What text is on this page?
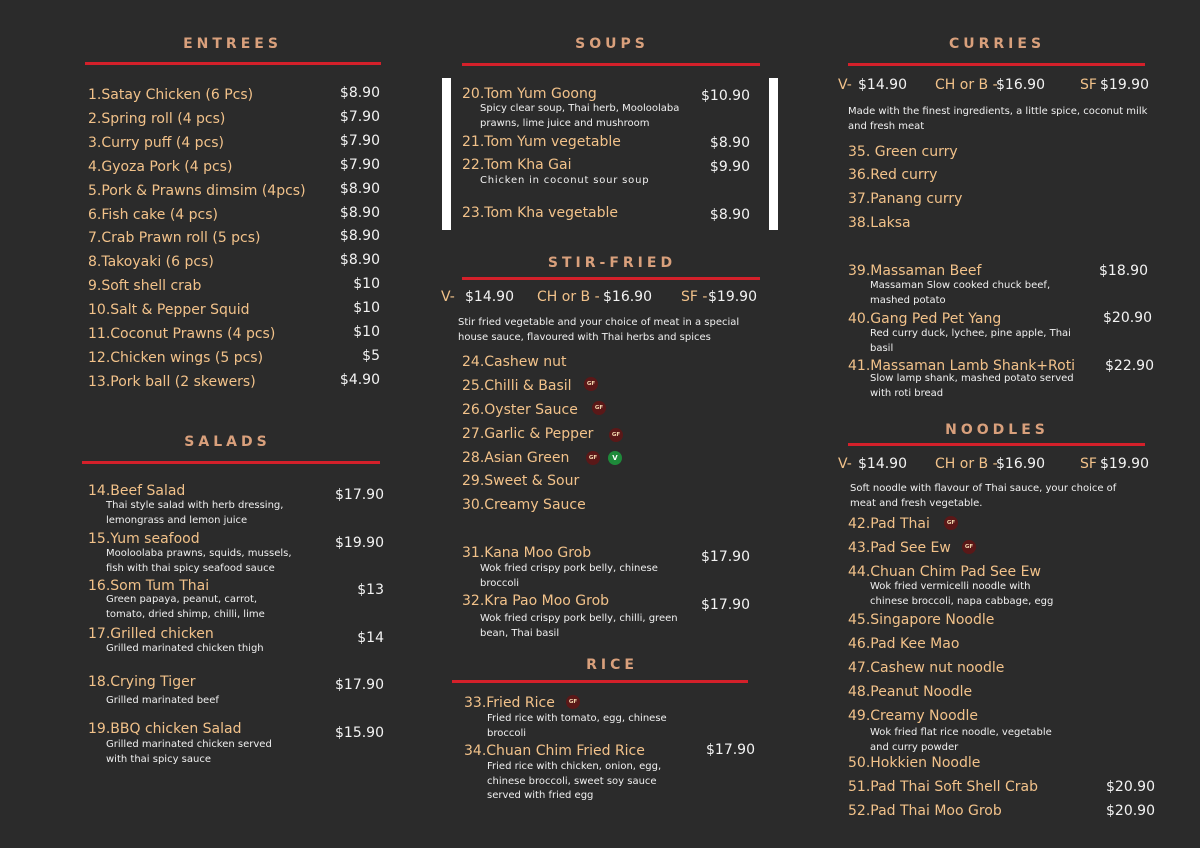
ENTREES
1.Satay Chicken (6 Pcs)	$8.90
2.Spring roll (4 pcs)	$7.90
3.Curry puff (4 pcs)	$7.90
4.Gyoza Pork (4 pcs)	$7.90
5.Pork & Prawns dimsim (4pcs)	$8.90
6.Fish cake (4 pcs)	$8.90
7.Crab Prawn roll (5 pcs)	$8.90
8.Takoyaki (6 pcs)	$8.90
9.Soft shell crab	$10
10.Salt & Pepper Squid	$10
11.Coconut Prawns (4 pcs)	$10
12.Chicken wings (5 pcs)	$5
13.Pork ball (2 skewers)	$4.90
SALADS
14.Beef Salad	$17.90
Thai style salad with herb dressing, lemongrass and lemon juice
15.Yum seafood	$19.90
Mooloolaba prawns, squids, mussels, fish with thai spicy seafood sauce
16.Som Tum Thai	$13
Green papaya, peanut, carrot, tomato, dried shimp, chilli, lime
17.Grilled chicken	$14
Grilled marinated chicken thigh
18.Crying Tiger	$17.90
Grilled marinated beef
19.BBQ chicken Salad	$15.90
Grilled marinated chicken served with thai spicy sauce
SOUPS
20.Tom Yum Goong	$10.90
Spicy clear soup, Thai herb, Mooloolaba prawns, lime juice and mushroom
21.Tom Yum vegetable	$8.90
22.Tom Kha Gai	$9.90
Chicken in coconut sour soup
23.Tom Kha vegetable	$8.90
STIR-FRIED
V- $14.90 CH or B - $16.90 SF - $19.90
Stir fried vegetable and your choice of meat in a special house sauce, flavoured with Thai herbs and spices
24.Cashew nut
25.Chilli & Basil	GF
26.Oyster Sauce	GF
27.Garlic & Pepper	GF
28.Asian Green	GF	V
29.Sweet & Sour
30.Creamy Sauce
31.Kana Moo Grob	$17.90
Wok fried crispy pork belly, chinese broccoli
32.Kra Pao Moo Grob	$17.90
Wok fried crispy pork belly, chilli, green bean, Thai basil
RICE
33.Fried Rice	GF
Fried rice with tomato, egg, chinese broccoli
34.Chuan Chim Fried Rice	$17.90
Fried rice with chicken, onion, egg, chinese broccoli, sweet soy sauce served with fried egg
CURRIES
V- $14.90 CH or B -
$16.90	SF $19.90
Made with the finest ingredients, a little spice, coconut milk and fresh meat
35. Green curry
36.Red curry
37.Panang curry
38.Laksa
39.Massaman Beef	$18.90
Massaman Slow cooked chuck beef, mashed potato
40.Gang Ped Pet Yang	$20.90
Red curry duck, lychee, pine apple, Thai basil
41.Massaman Lamb Shank+Roti	$22.90
Slow lamp shank, mashed potato served with roti bread
NOODLES
V- $14.90 CH or B -
$16.90	SF $19.90
Soft noodle with flavour of Thai sauce, your choice of meat and fresh vegetable.
42.Pad Thai	GF
43.Pad See Ew	GF
44.Chuan Chim Pad See Ew
Wok fried vermicelli noodle with chinese broccoli, napa cabbage, egg
45.Singapore Noodle
46.Pad Kee Mao
47.Cashew nut noodle
48.Peanut Noodle
49.Creamy Noodle
Wok fried flat rice noodle, vegetable and curry powder
50.Hokkien Noodle
51.Pad Thai Soft Shell Crab	$20.90
52.Pad Thai Moo Grob	$20.90
